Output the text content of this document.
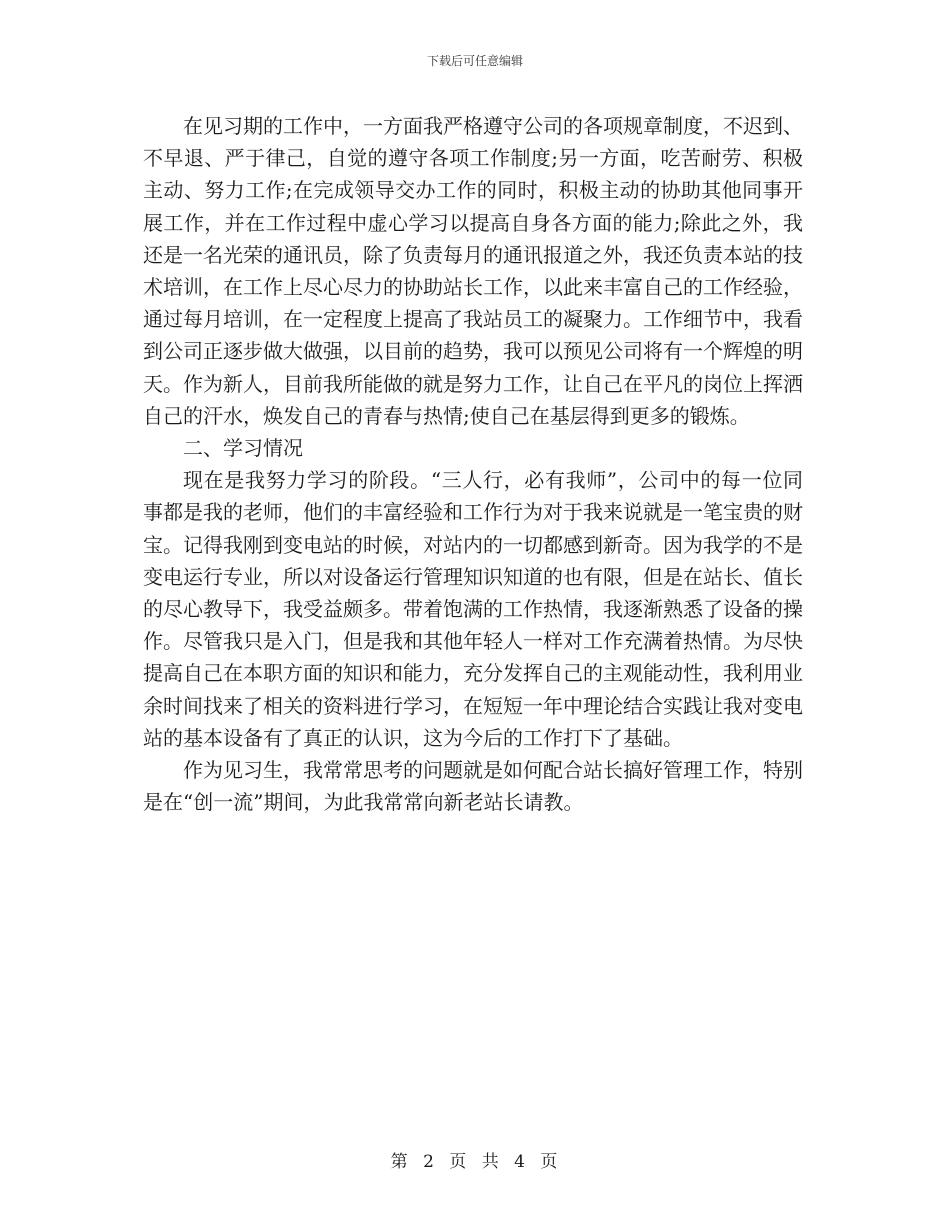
下载后可任意编辑

在见习期的工作中，一方面我严格遵守公司的各项规章制度，不迟到、不早退、严于律己，自觉的遵守各项工作制度;另一方面，吃苦耐劳、积极主动、努力工作;在完成领导交办工作的同时，积极主动的协助其他同事开展工作，并在工作过程中虚心学习以提高自身各方面的能力;除此之外，我还是一名光荣的通讯员，除了负责每月的通讯报道之外，我还负责本站的技术培训，在工作上尽心尽力的协助站长工作，以此来丰富自己的工作经验，通过每月培训，在一定程度上提高了我站员工的凝聚力。工作细节中，我看到公司正逐步做大做强，以目前的趋势，我可以预见公司将有一个辉煌的明天。作为新人，目前我所能做的就是努力工作，让自己在平凡的岗位上挥洒自己的汗水，焕发自己的青春与热情;使自己在基层得到更多的锻炼。

二、学习情况

现在是我努力学习的阶段。“三人行，必有我师”，公司中的每一位同事都是我的老师，他们的丰富经验和工作行为对于我来说就是一笔宝贵的财宝。记得我刚到变电站的时候，对站内的一切都感到新奇。因为我学的不是变电运行专业，所以对设备运行管理知识知道的也有限，但是在站长、值长的尽心教导下，我受益颇多。带着饱满的工作热情，我逐渐熟悉了设备的操作。尽管我只是入门，但是我和其他年轻人一样对工作充满着热情。为尽快提高自己在本职方面的知识和能力，充分发挥自己的主观能动性，我利用业余时间找来了相关的资料进行学习，在短短一年中理论结合实践让我对变电站的基本设备有了真正的认识，这为今后的工作打下了基础。

作为见习生，我常常思考的问题就是如何配合站长搞好管理工作，特别是在“创一流”期间，为此我常常向新老站长请教。

第 2 页 共 4 页
